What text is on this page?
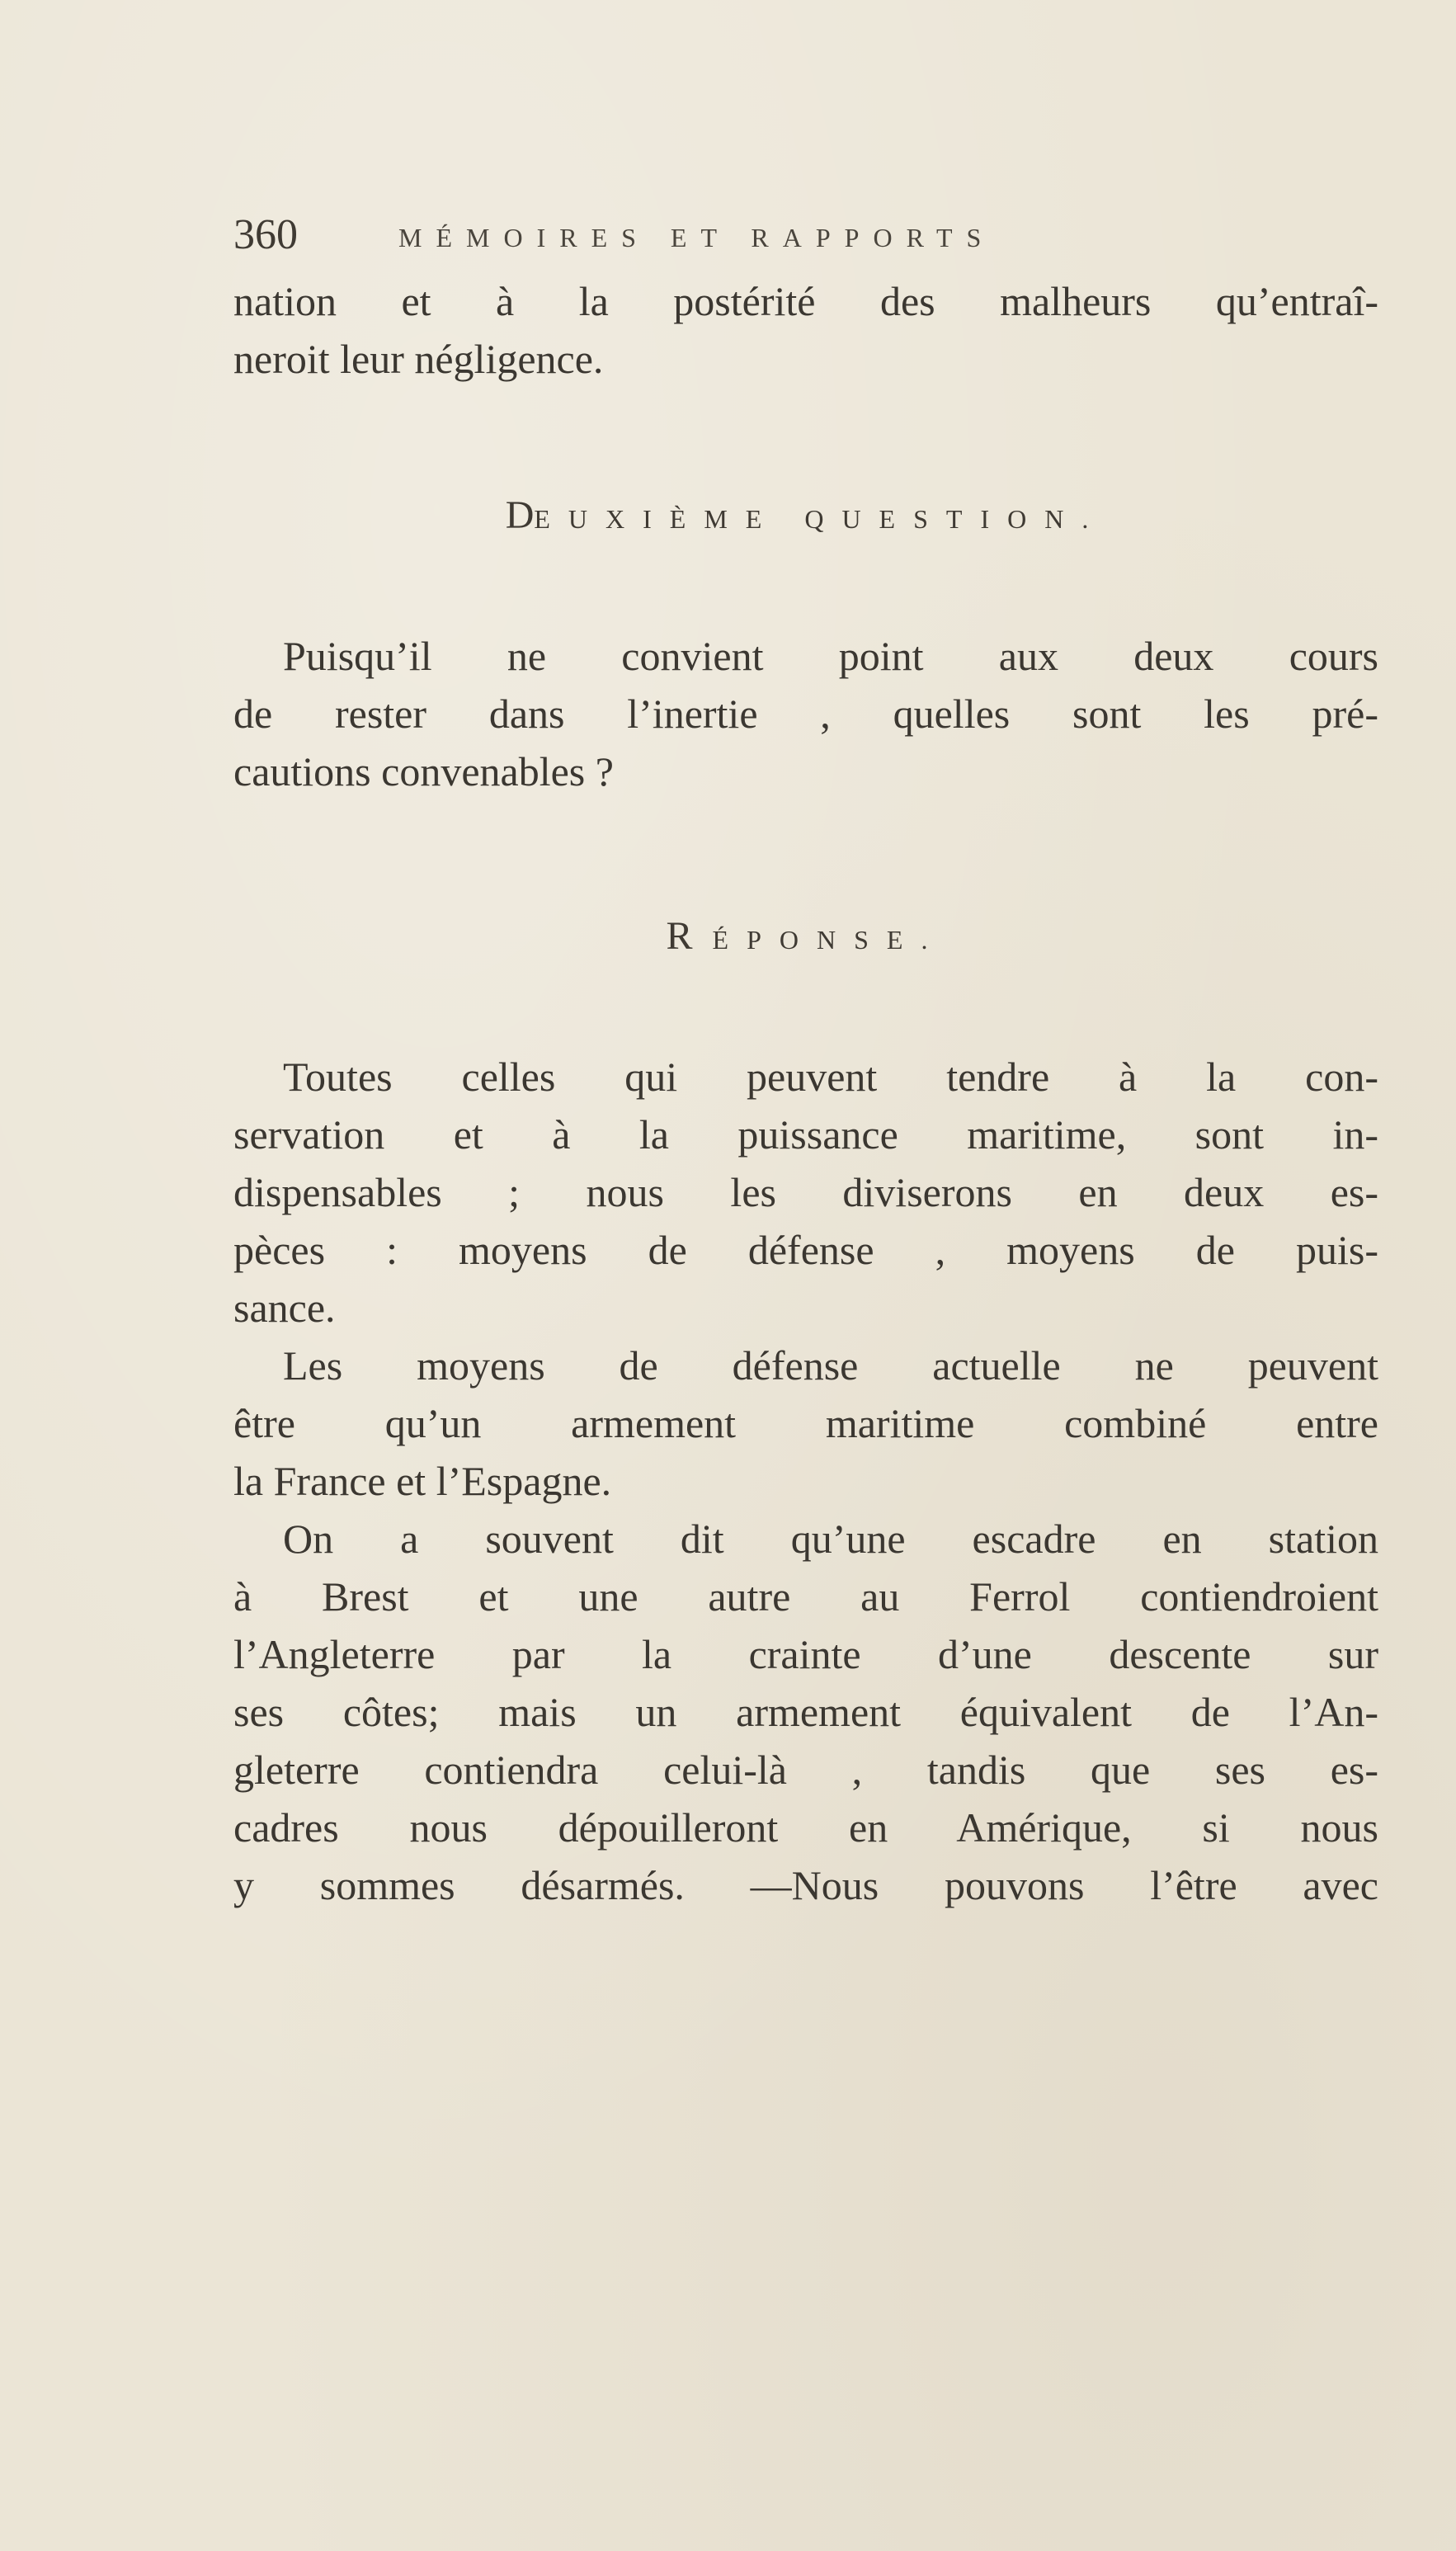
360	MÉMOIRES ET RAPPORTS
nation et à la postérité des malheurs qu’entraî-
neroit leur négligence.
DEUXIÈME QUESTION.
Puisqu’il ne convient point aux deux cours
de rester dans l’inertie , quelles sont les pré-
cautions convenables ?
RÉPONSE.
Toutes celles qui peuvent tendre à la con-
servation et à la puissance maritime, sont in-
dispensables ; nous les diviserons en deux es-
pèces : moyens de défense , moyens de puis-
sance.
Les moyens de défense actuelle ne peuvent
être qu’un armement maritime combiné entre
la France et l’Espagne.
On a souvent dit qu’une escadre en station
à Brest et une autre au Ferrol contiendroient
l’Angleterre par la crainte d’une descente sur
ses côtes; mais un armement équivalent de l’An-
gleterre contiendra celui-là , tandis que ses es-
cadres nous dépouilleront en Amérique, si nous
y sommes désarmés. —Nous pouvons l’être avec
